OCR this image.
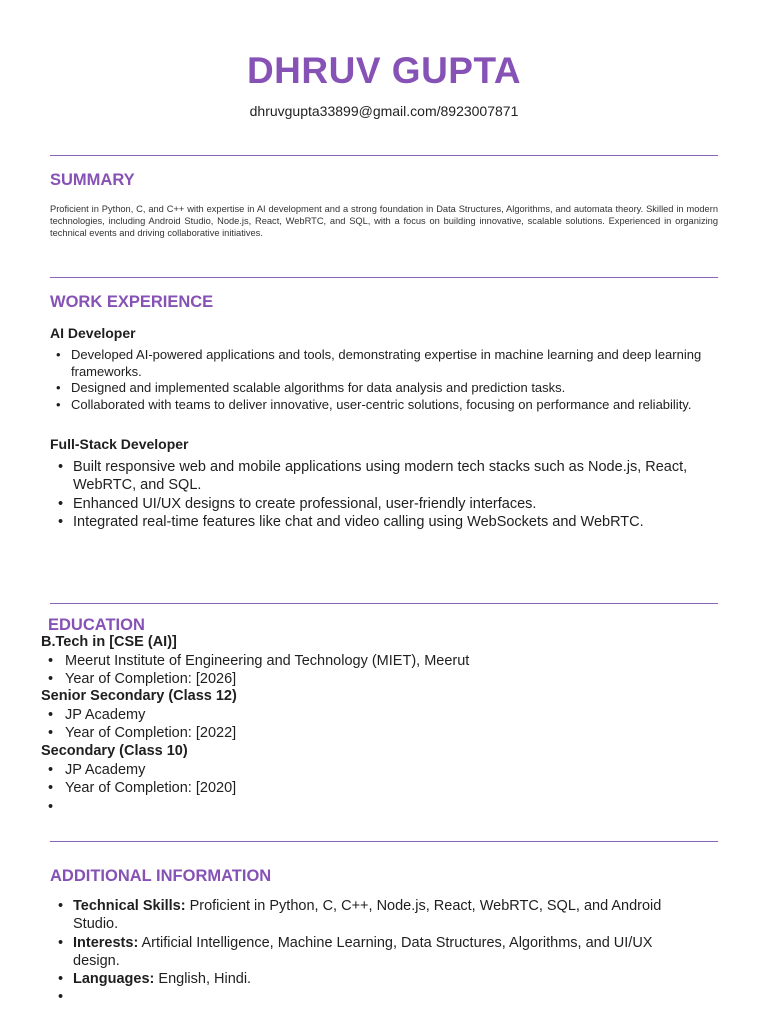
DHRUV GUPTA
dhruvgupta33899@gmail.com/8923007871
SUMMARY
Proficient in Python, C, and C++ with expertise in AI development and a strong foundation in Data Structures, Algorithms, and automata theory. Skilled in modern technologies, including Android Studio, Node.js, React, WebRTC, and SQL, with a focus on building innovative, scalable solutions. Experienced in organizing technical events and driving collaborative initiatives.
WORK EXPERIENCE
AI Developer
• Developed AI-powered applications and tools, demonstrating expertise in machine learning and deep learning frameworks.
• Designed and implemented scalable algorithms for data analysis and prediction tasks.
• Collaborated with teams to deliver innovative, user-centric solutions, focusing on performance and reliability.
Full-Stack Developer
• Built responsive web and mobile applications using modern tech stacks such as Node.js, React, WebRTC, and SQL.
• Enhanced UI/UX designs to create professional, user-friendly interfaces.
• Integrated real-time features like chat and video calling using WebSockets and WebRTC.
EDUCATION
B.Tech in [CSE (AI)]
• Meerut Institute of Engineering and Technology (MIET), Meerut
• Year of Completion: [2026]
Senior Secondary (Class 12)
• JP Academy
• Year of Completion: [2022]
Secondary (Class 10)
• JP Academy
• Year of Completion: [2020]
•
ADDITIONAL INFORMATION
• Technical Skills: Proficient in Python, C, C++, Node.js, React, WebRTC, SQL, and Android Studio.
• Interests: Artificial Intelligence, Machine Learning, Data Structures, Algorithms, and UI/UX design.
• Languages: English, Hindi.
•
